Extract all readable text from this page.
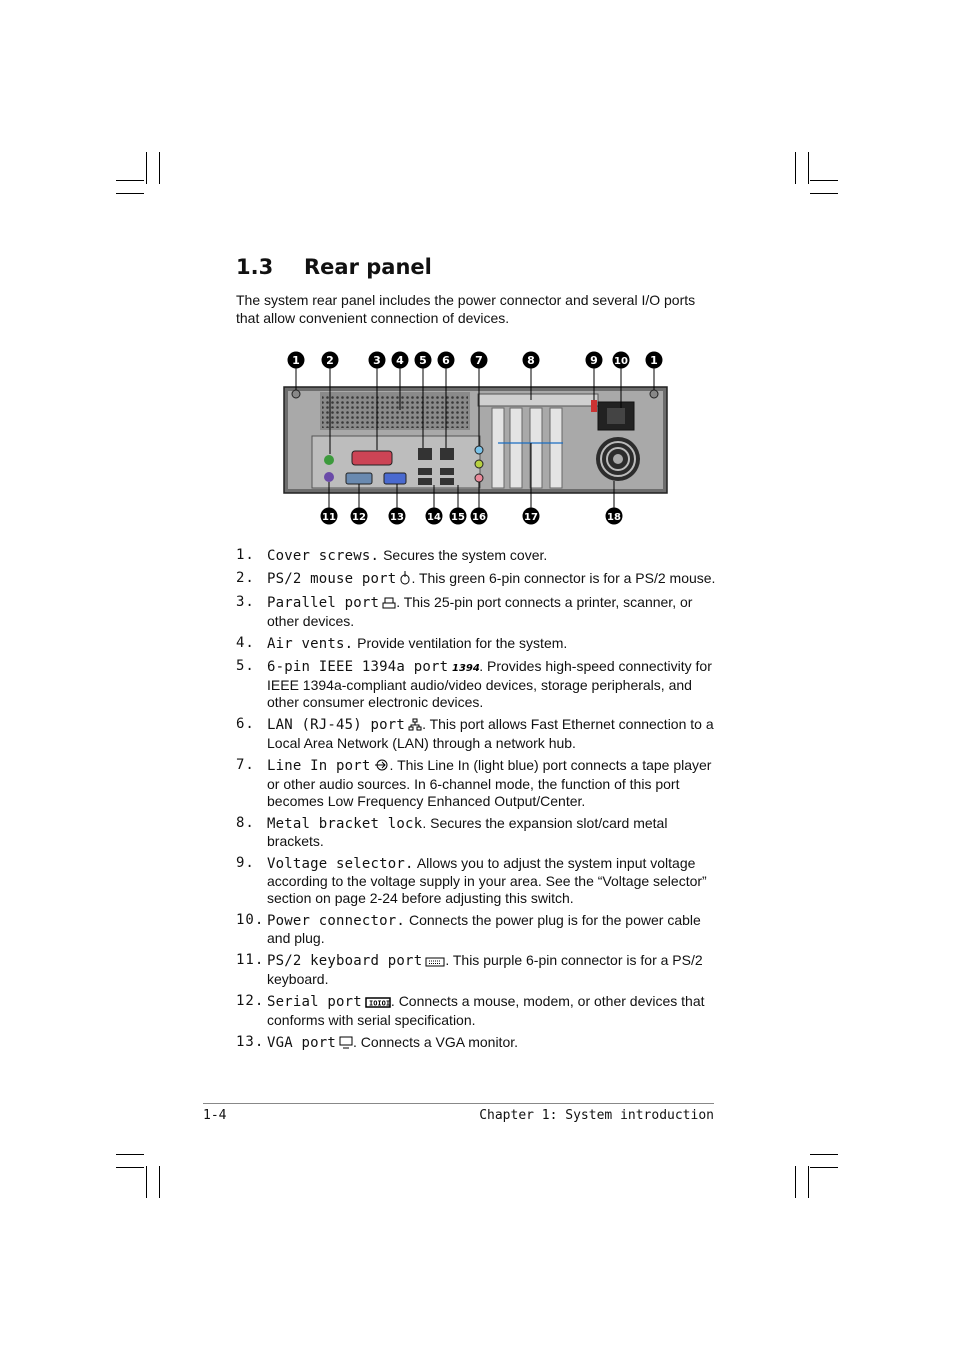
1.3 Rear panel
The system rear panel includes the power connector and several I/O ports that allow convenient connection of devices.
1 2	3 4 5 6 7	8	9 10 1
11 12 13 14 15 16	17	18
1. Cover screws. Secures the system cover.
2. PS/2 mouse port . This green 6-pin connector is for a PS/2 mouse.
3. Parallel port . This 25-pin port connects a printer, scanner, or other devices.
4. Air vents. Provide ventilation for the system.
5. 6-pin IEEE 1394a port 1394 . Provides high-speed connectivity for IEEE 1394a-compliant audio/video devices, storage peripherals, and other consumer electronic devices.
6. LAN (RJ-45) port . This port allows Fast Ethernet connection to a Local Area Network (LAN) through a network hub.
7. Line In port . This Line In (light blue) port connects a tape player or other audio sources. In 6-channel mode, the function of this port becomes Low Frequency Enhanced Output/Center.
8. Metal bracket lock. Secures the expansion slot/card metal brackets.
9. Voltage selector. Allows you to adjust the system input voltage according to the voltage supply in your area. See the “Voltage selector” section on page 2-24 before adjusting this switch.
10. Power connector. Connects the power plug is for the power cable and plug.
11. PS/2 keyboard port . This purple 6-pin connector is for a PS/2 keyboard.
12. Serial port IOIOI . Connects a mouse, modem, or other devices that conforms with serial specification.
13. VGA port . Connects a VGA monitor.
1-4	Chapter 1: System introduction
